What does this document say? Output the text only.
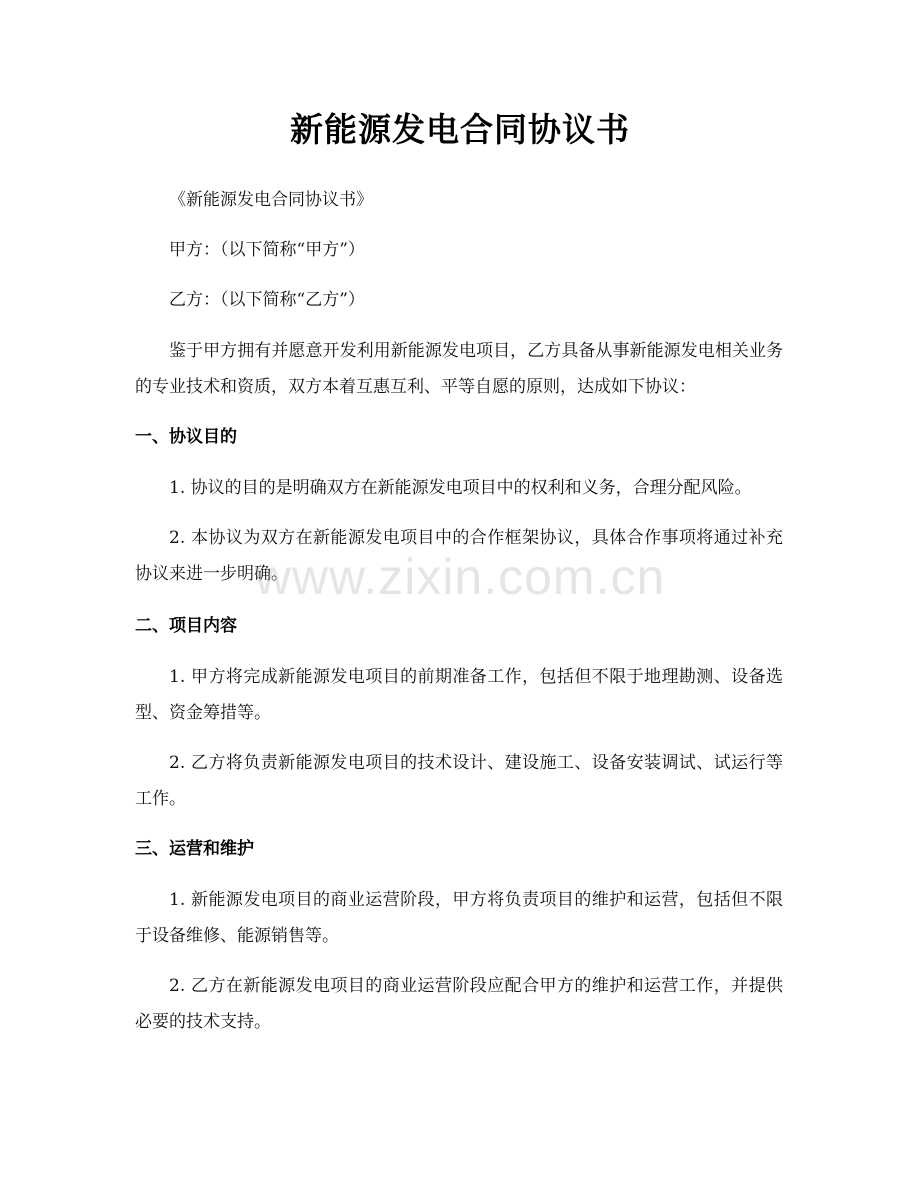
新能源发电合同协议书
《新能源发电合同协议书》
甲方：（以下简称“甲方”）
乙方：（以下简称“乙方”）
鉴于甲方拥有并愿意开发利用新能源发电项目，乙方具备从事新能源发电相关业务的专业技术和资质，双方本着互惠互利、平等自愿的原则，达成如下协议：
一、协议目的
1. 协议的目的是明确双方在新能源发电项目中的权利和义务，合理分配风险。
2. 本协议为双方在新能源发电项目中的合作框架协议，具体合作事项将通过补充协议来进一步明确。
二、项目内容
1. 甲方将完成新能源发电项目的前期准备工作，包括但不限于地理勘测、设备选型、资金筹措等。
2. 乙方将负责新能源发电项目的技术设计、建设施工、设备安装调试、试运行等工作。
三、运营和维护
1. 新能源发电项目的商业运营阶段，甲方将负责项目的维护和运营，包括但不限于设备维修、能源销售等。
2. 乙方在新能源发电项目的商业运营阶段应配合甲方的维护和运营工作，并提供必要的技术支持。
www.zixin.com.cn
